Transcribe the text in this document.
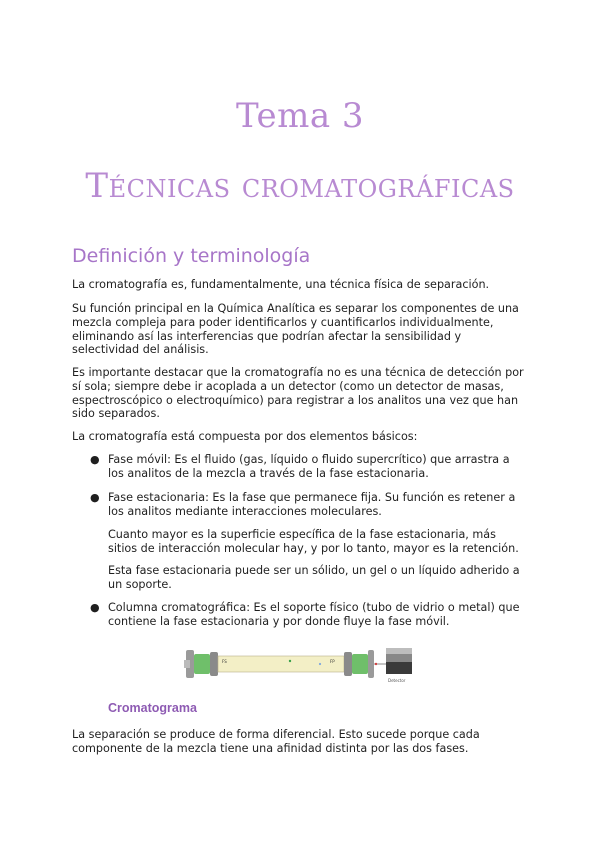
Tema 3
Técnicas cromatográficas
Definición y terminología

La cromatografía es, fundamentalmente, una técnica física de separación.

Su función principal en la Química Analítica es separar los componentes de una mezcla compleja para poder identificarlos y cuantificarlos individualmente, eliminando así las interferencias que podrían afectar la sensibilidad y selectividad del análisis.

Es importante destacar que la cromatografía no es una técnica de detección por sí sola; siempre debe ir acoplada a un detector (como un detector de masas, espectroscópico o electroquímico) para registrar a los analitos una vez que han sido separados.

La cromatografía está compuesta por dos elementos básicos:

● Fase móvil: Es el fluido (gas, líquido o fluido supercrítico) que arrastra a los analitos de la mezcla a través de la fase estacionaria.

● Fase estacionaria: Es la fase que permanece fija. Su función es retener a los analitos mediante interacciones moleculares.

Cuanto mayor es la superficie específica de la fase estacionaria, más sitios de interacción molecular hay, y por lo tanto, mayor es la retención.

Esta fase estacionaria puede ser un sólido, un gel o un líquido adherido a un soporte.

● Columna cromatográfica: Es el soporte físico (tubo de vidrio o metal) que contiene la fase estacionaria y por donde fluye la fase móvil.

FS	FP
Detector
Cromatograma

La separación se produce de forma diferencial. Esto sucede porque cada componente de la mezcla tiene una afinidad distinta por las dos fases.
